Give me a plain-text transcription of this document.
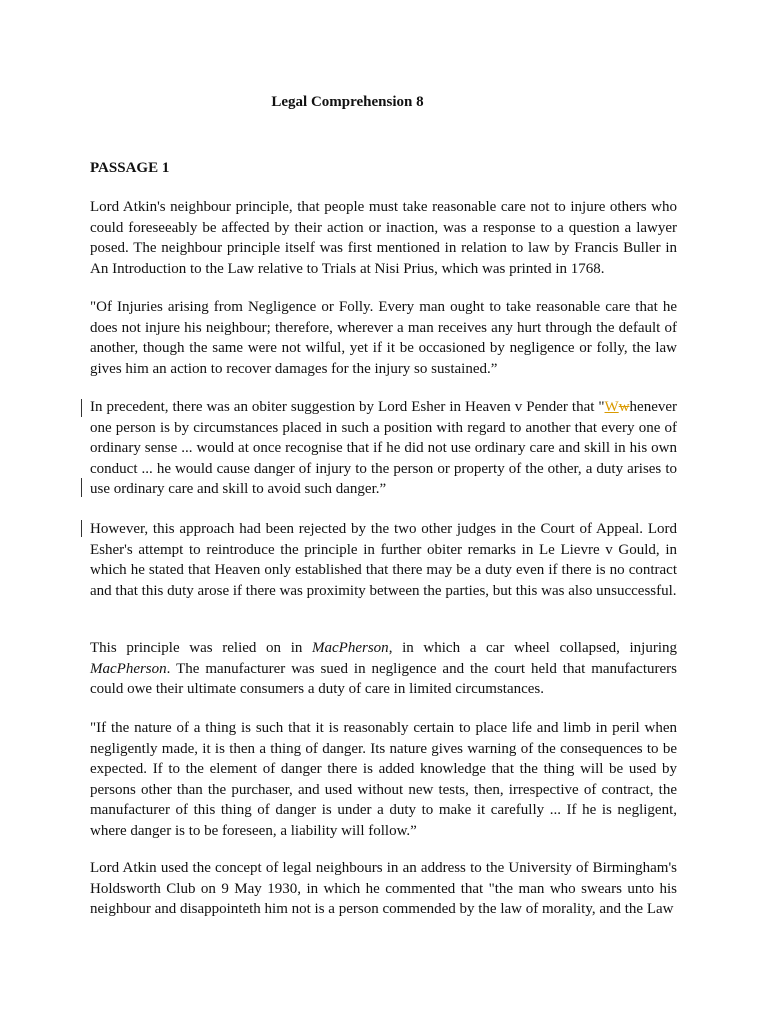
Legal Comprehension 8
PASSAGE 1
Lord Atkin's neighbour principle, that people must take reasonable care not to injure others who could foreseeably be affected by their action or inaction, was a response to a question a lawyer posed. The neighbour principle itself was first mentioned in relation to law by Francis Buller in An Introduction to the Law relative to Trials at Nisi Prius, which was printed in 1768.
"Of Injuries arising from Negligence or Folly. Every man ought to take reasonable care that he does not injure his neighbour; therefore, wherever a man receives any hurt through the default of another, though the same were not wilful, yet if it be occasioned by negligence or folly, the law gives him an action to recover damages for the injury so sustained.”
In precedent, there was an obiter suggestion by Lord Esher in Heaven v Pender that "Wwhenever one person is by circumstances placed in such a position with regard to another that every one of ordinary sense ... would at once recognise that if he did not use ordinary care and skill in his own conduct ... he would cause danger of injury to the person or property of the other, a duty arises to use ordinary care and skill to avoid such danger.”
However, this approach had been rejected by the two other judges in the Court of Appeal. Lord Esher's attempt to reintroduce the principle in further obiter remarks in Le Lievre v Gould, in which he stated that Heaven only established that there may be a duty even if there is no contract and that this duty arose if there was proximity between the parties, but this was also unsuccessful.
This principle was relied on in MacPherson, in which a car wheel collapsed, injuring MacPherson. The manufacturer was sued in negligence and the court held that manufacturers could owe their ultimate consumers a duty of care in limited circumstances.
"If the nature of a thing is such that it is reasonably certain to place life and limb in peril when negligently made, it is then a thing of danger. Its nature gives warning of the consequences to be expected. If to the element of danger there is added knowledge that the thing will be used by persons other than the purchaser, and used without new tests, then, irrespective of contract, the manufacturer of this thing of danger is under a duty to make it carefully ... If he is negligent, where danger is to be foreseen, a liability will follow.”
Lord Atkin used the concept of legal neighbours in an address to the University of Birmingham's Holdsworth Club on 9 May 1930, in which he commented that "the man who swears unto his neighbour and disappointeth him not is a person commended by the law of morality, and the Law
